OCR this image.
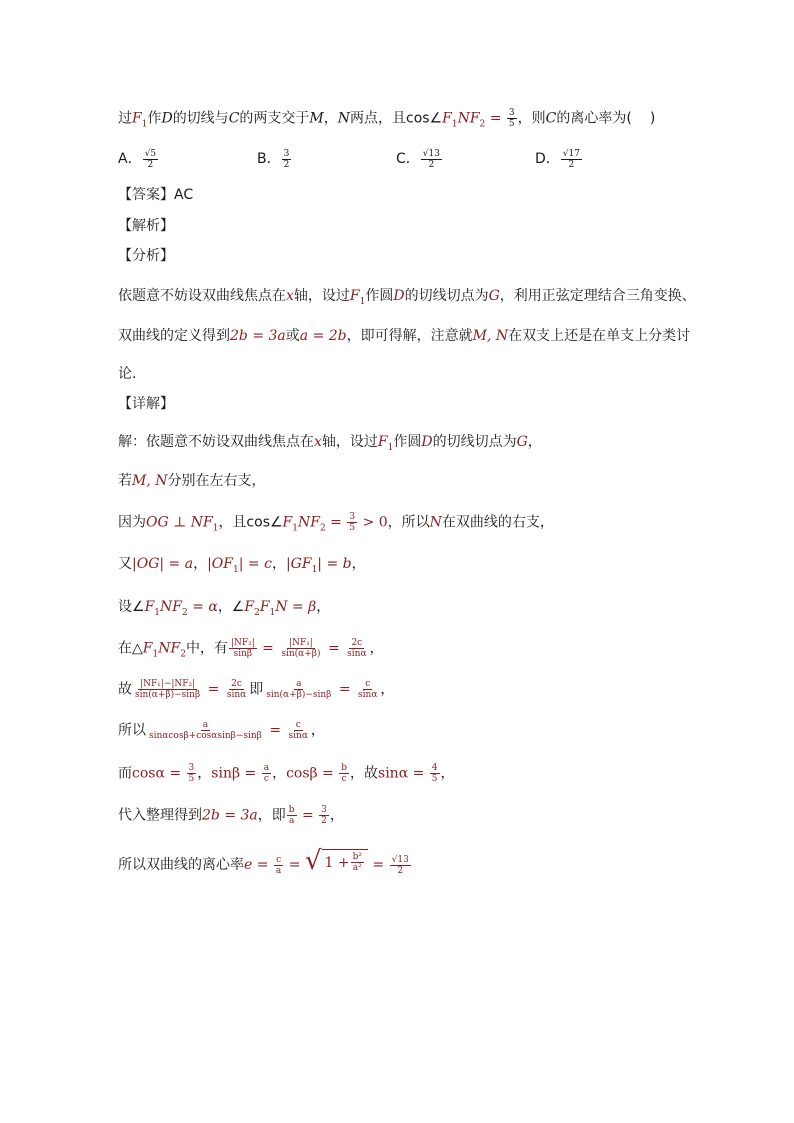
过$F_1$作D的切线与C的两支交于M，N两点，且$\cos\angle F_1NF_2 = \frac{3}{5}$ ，则C的离心率为( )
A． $\frac{√5}{2}$	B． $\frac{3}{2}$	C． $\frac{√13}{2}$	D． $\frac{√17}{2}$
【答案】AC
【解析】
【分析】
依题意不妨设双曲线焦点在x轴，设过$F_1$作圆D的切线切点为G，利用正弦定理结合三角变换、
双曲线的定义得到2b = 3a或a = 2b，即可得解，注意就M, N在双支上还是在单支上分类讨
论.
【详解】
解：依题意不妨设双曲线焦点在x轴，设过$F_1$作圆D的切线切点为G，
若M, N分别在左右支，
因为OG ⊥ $NF_1$，且$\cos\angle F_1NF_2 = \frac{3}{5} > 0$，所以N在双曲线的右支，
又|OG| = a，$|OF_1| = c$，$|GF_1| = b$，
设$\angle F_1NF_2 = \alpha$，$\angle F_2F_1N = \beta$，
在$\triangle F_1NF_2$中，有 $\frac{\text{|NF₂|}}{\sin\beta} = \frac{\text{|NF₁|}}{\sin(\alpha+\beta)} = \frac{2c}{\sin\alpha}$ ，
故 $\frac{\text{|NF₁|−|NF₂|}}{\sin(\alpha+\beta)-\sin\beta} = \frac{2c}{\sin\alpha}$ 即 $\frac{a}{\sin(\alpha+\beta)-\sin\beta} = \frac{c}{\sin\alpha}$ ，
所以 $\frac{a}{\sin\alpha\cos\beta+\cos\alpha\sin\beta-\sin\beta} = \frac{c}{\sin\alpha}$ ，
而$\cos\alpha = \frac{3}{5}$ ，$\sin\beta = \frac{a}{c}$ ，$\cos\beta = \frac{b}{c}$ ，故$\sin\alpha = \frac{4}{5}$ ，
代入整理得到2b = 3a，即 $\frac{b}{a} = \frac{3}{2}$ ，
所以双曲线的离心率$e = \frac{c}{a}$ = √ $1 + \frac{\text{b²}}{\text{a²}} = \frac{√13}{2}$
